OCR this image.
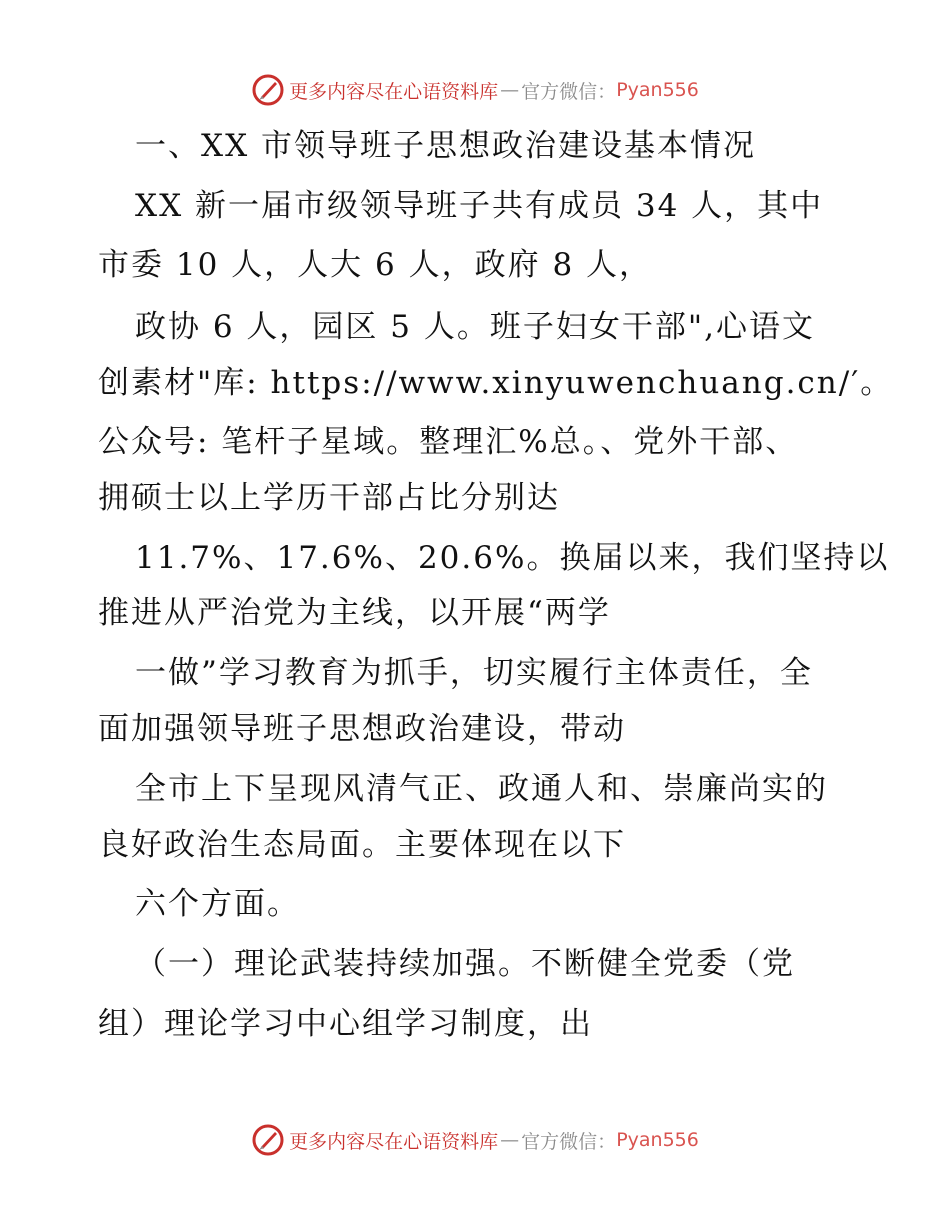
更多内容尽在心语资料库 — 官方微信： Pyan556
一、XX 市领导班子思想政治建设基本情况
XX 新一届市级领导班子共有成员 34 人，其中
市委 10 人，人大 6 人，政府 8 人，
政协 6 人，园区 5 人。班子妇女干部",心语文
创素材"库: https://www.xinyuwenchuang.cn/′。
公众号: 笔杆子星域。整理汇%总。、党外干部、
拥硕士以上学历干部占比分别达
11.7%、17.6%、20.6%。换届以来，我们坚持以
推进从严治党为主线，以开展“两学
一做”学习教育为抓手，切实履行主体责任，全
面加强领导班子思想政治建设，带动
全市上下呈现风清气正、政通人和、崇廉尚实的
良好政治生态局面。主要体现在以下
六个方面。
（一）理论武装持续加强。不断健全党委（党
组）理论学习中心组学习制度，出
更多内容尽在心语资料库 — 官方微信： Pyan556
